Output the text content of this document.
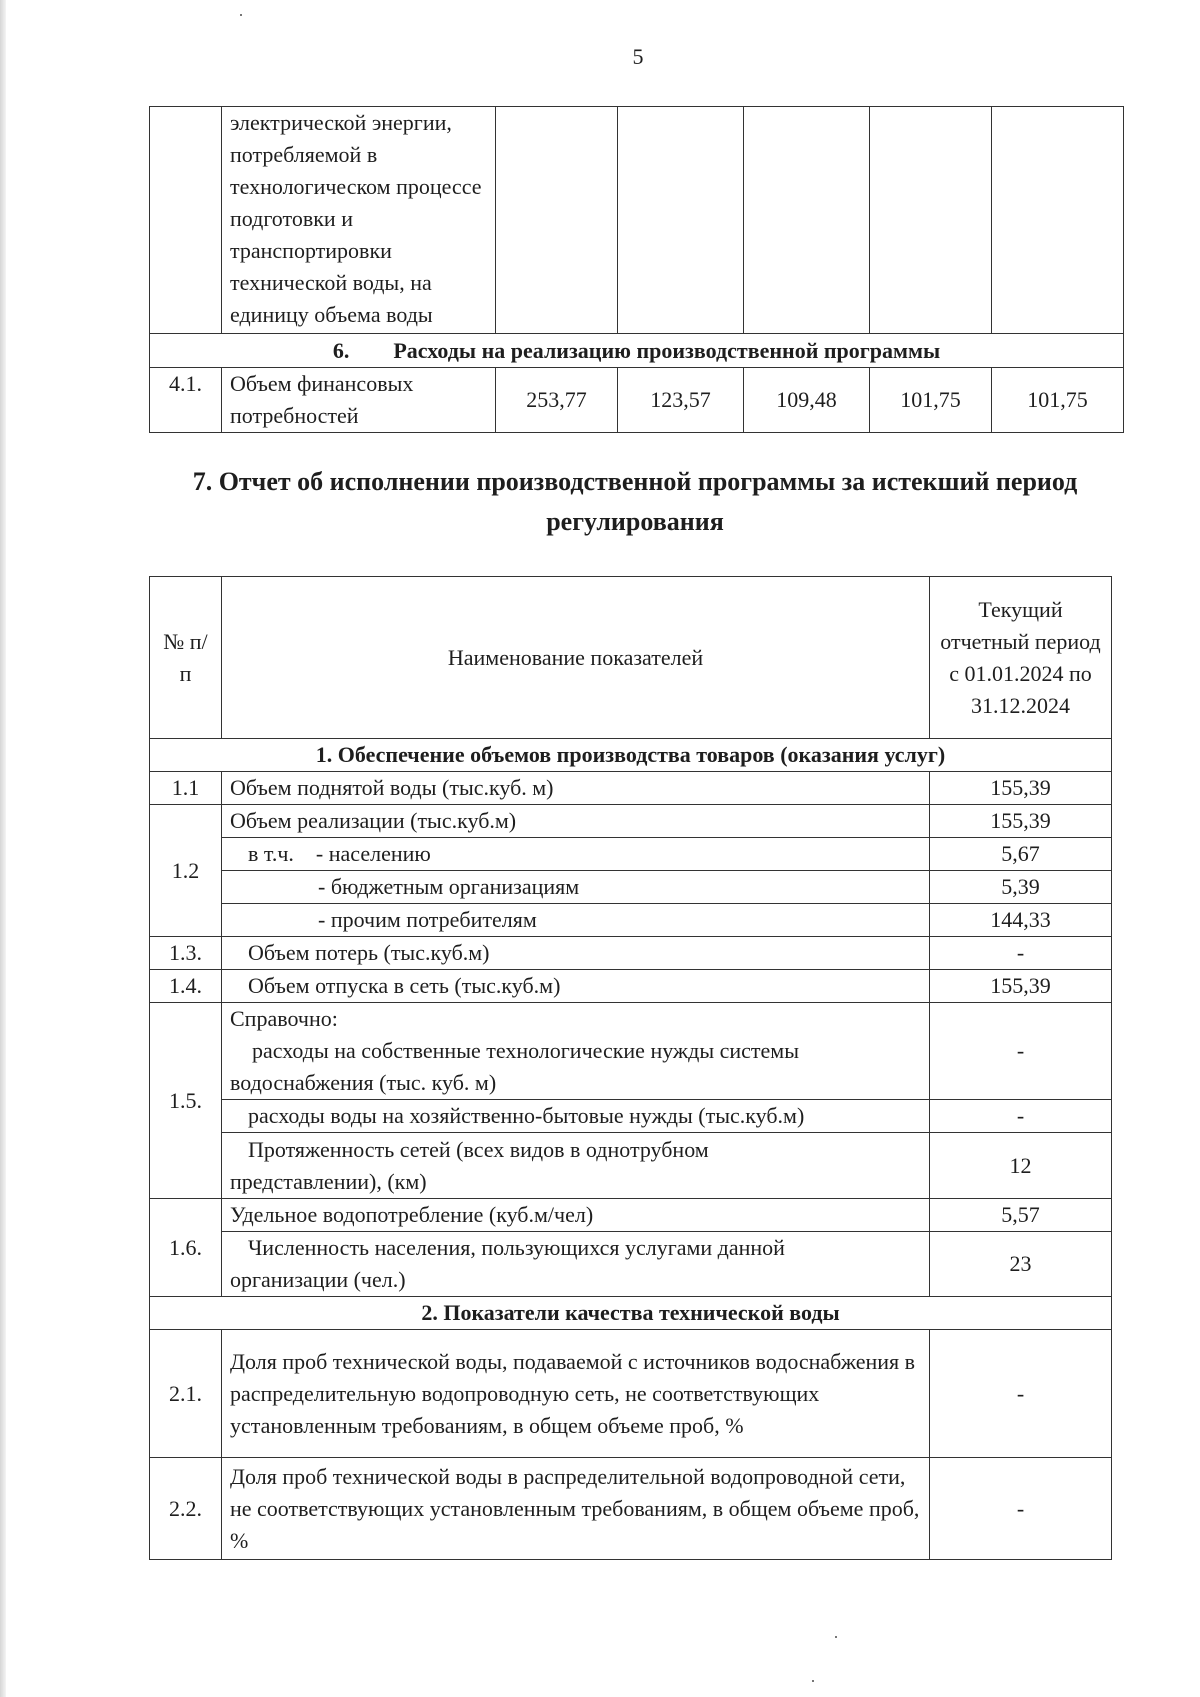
5
	электрической энергии, потребляемой в технологическом процессе подготовки и транспортировки технической воды, на единицу объема воды					
6.        Расходы на реализацию производственной программы						
4.1.	Объем финансовых потребностей	253,77	123,57	109,48	101,75	101,75
7. Отчет об исполнении производственной программы за истекший период регулирования
№ п/п	Наименование показателей	Текущий отчетный период с 01.01.2024 по 31.12.2024
1. Обеспечение объемов производства товаров (оказания услуг)		
1.1	Объем поднятой воды (тыс.куб. м)	155,39
1.2	Объем реализации (тыс.куб.м)	155,39
	в т.ч. - населению	5,67
	- бюджетным организациям	5,39
	- прочим потребителям	144,33
1.3.	Объем потерь (тыс.куб.м)	-
1.4.	Объем отпуска в сеть (тыс.куб.м)	155,39
1.5.	Справочно:
расходы на собственные технологические нужды системы
водоснабжения (тыс. куб. м)	-
	расходы воды на хозяйственно-бытовые нужды (тыс.куб.м)	-

	Протяженность сетей (всех видов в однотрубном
представлении), (км)	12
1.6.	Удельное водопотребление (куб.м/чел)	5,57

	Численность населения, пользующихся услугами данной
организации (чел.)	23
2. Показатели качества технической воды		
2.1.	Доля проб технической воды, подаваемой с источников водоснабжения в распределительную водопроводную сеть, не соответствующих установленным требованиям, в общем объеме проб, %	-
2.2.	Доля проб технической воды в распределительной водопроводной сети, не соответствующих установленным требованиям, в общем объеме проб, %	-
